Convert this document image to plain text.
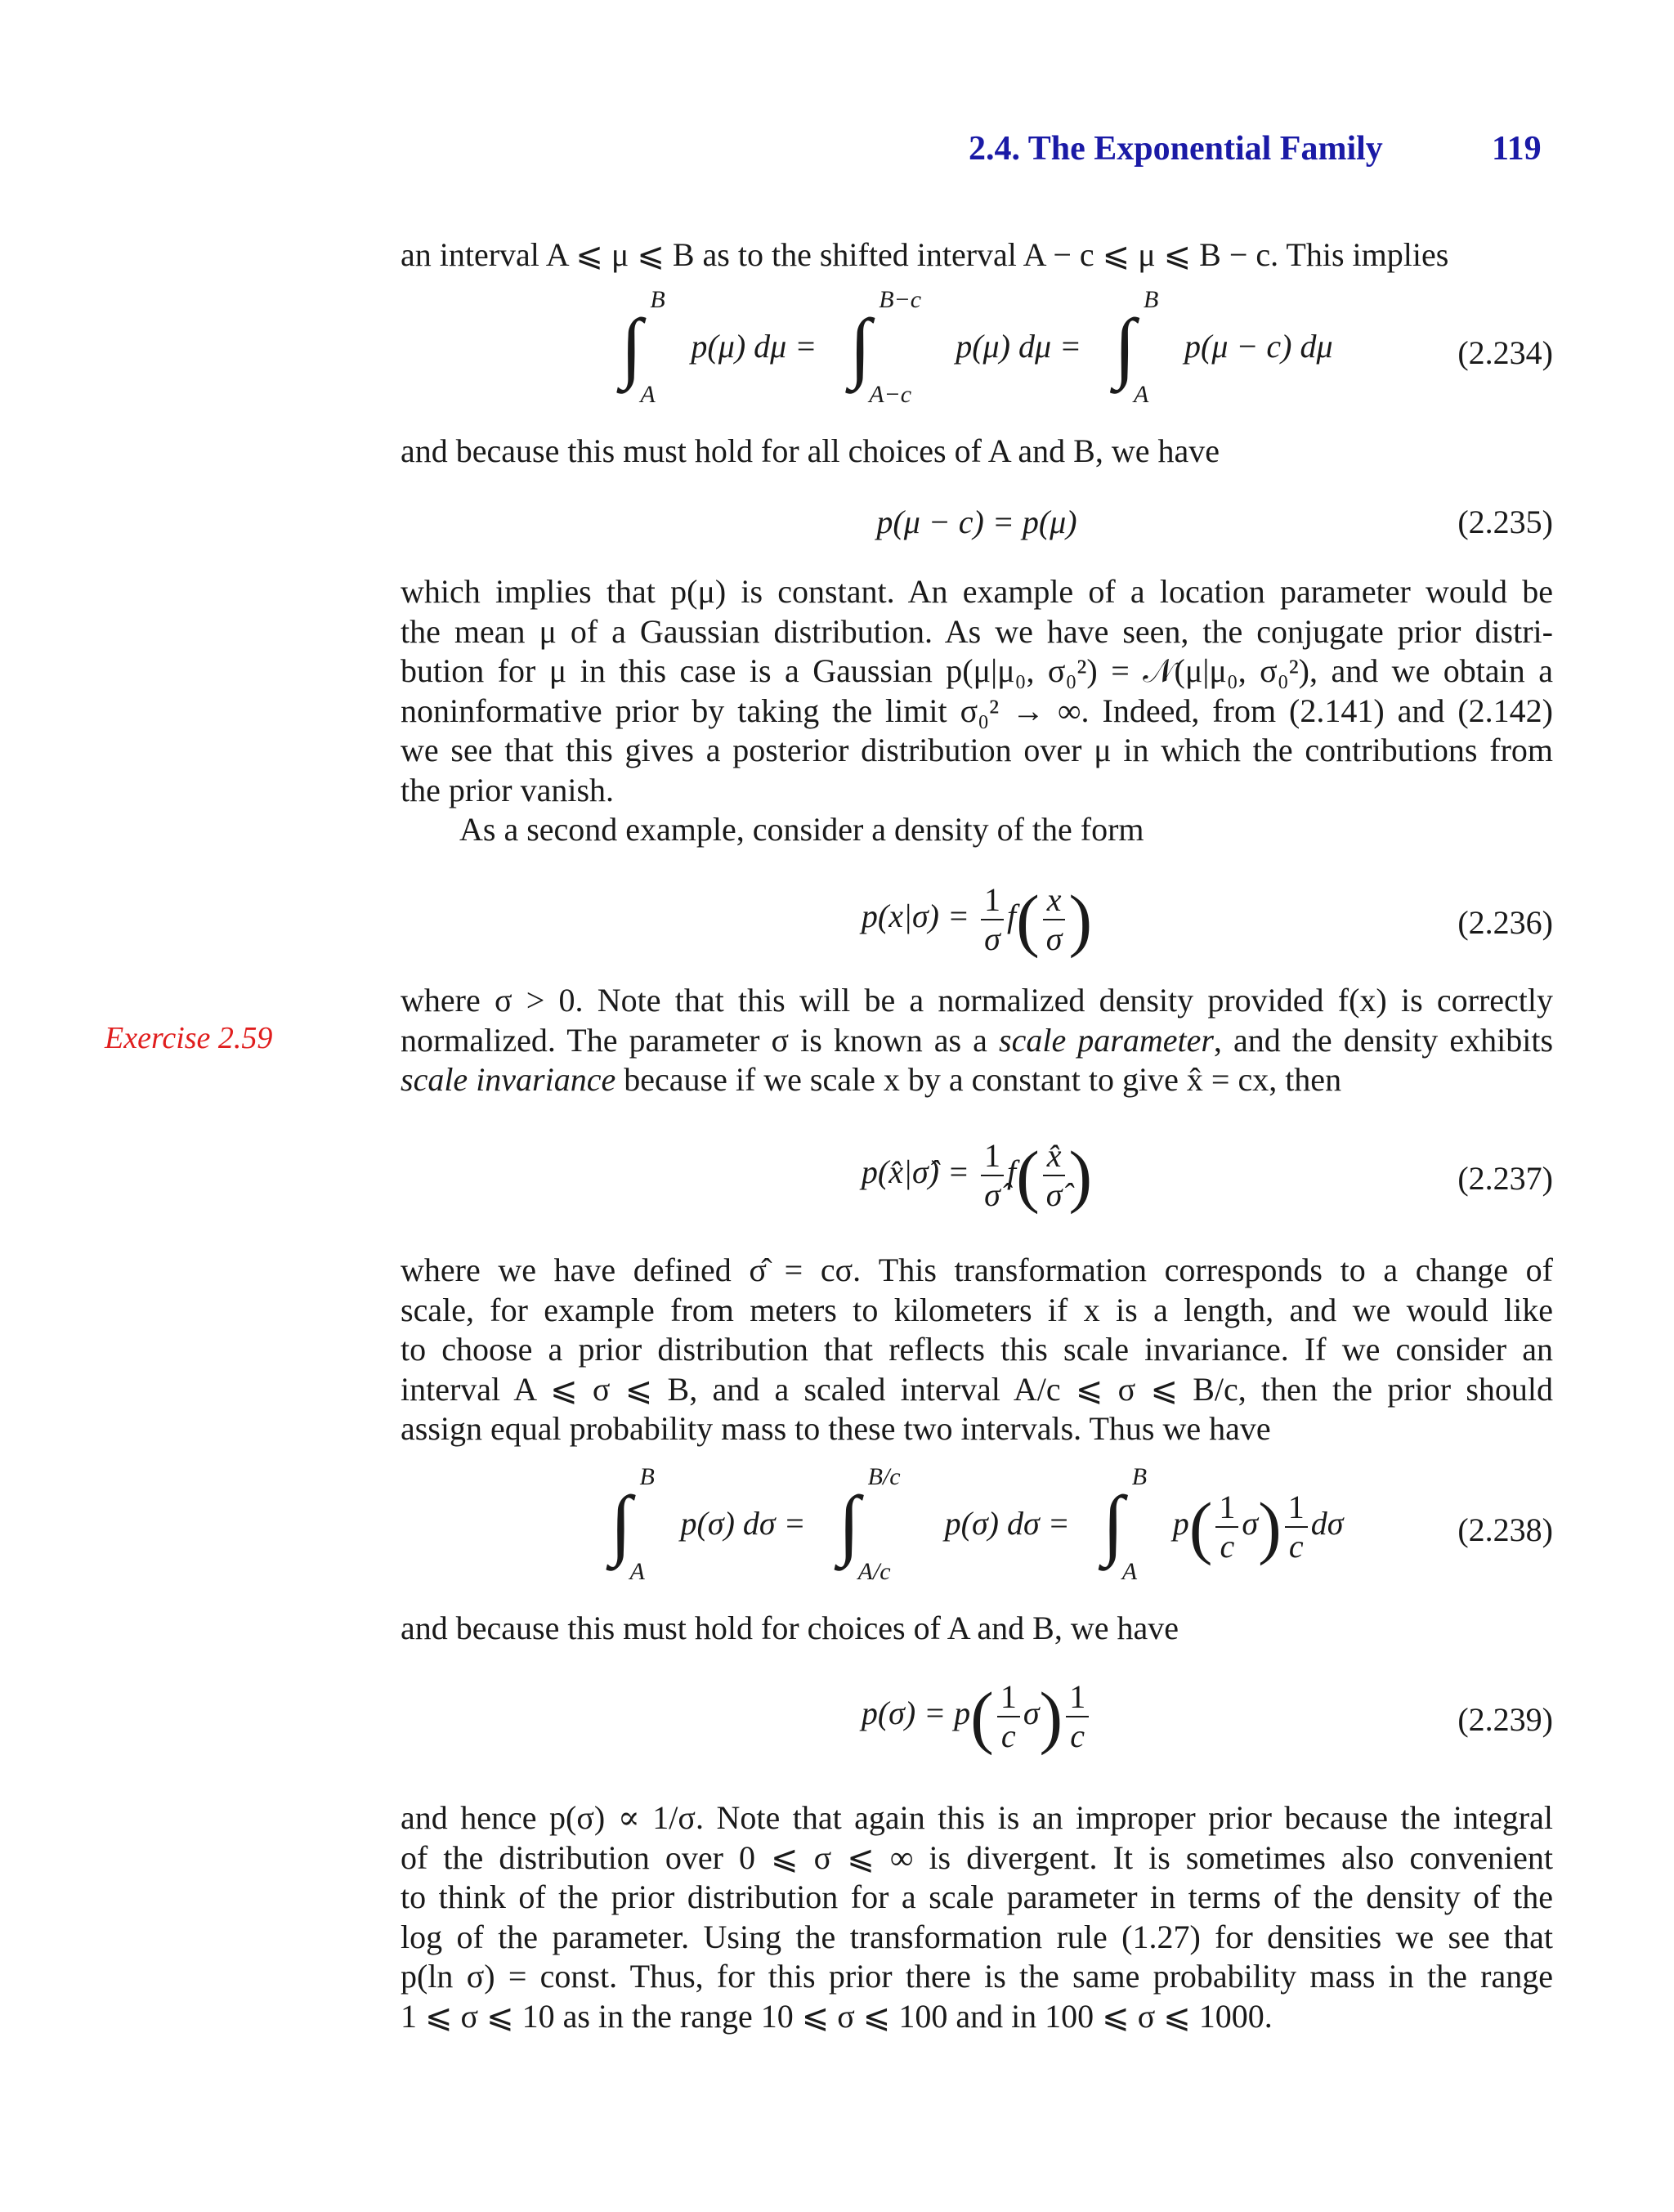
2.4. The Exponential Family	119
Exercise 2.59
an interval A ⩽ μ ⩽ B as to the shifted interval A − c ⩽ μ ⩽ B − c. This implies
∫
B
A
p(μ) dμ = ∫
B−c
A−c
p(μ) dμ = ∫
B
A
p(μ − c) dμ	(2.234)
and because this must hold for all choices of A and B, we have
p(μ − c) = p(μ)	(2.235)
which implies that p(μ) is constant. An example of a location parameter would be
the mean μ of a Gaussian distribution. As we have seen, the conjugate prior distri-
bution for μ in this case is a Gaussian p(μ|μ₀, σ₀²) = 𝒩(μ|μ₀, σ₀²), and we obtain a
noninformative prior by taking the limit σ₀² → ∞. Indeed, from (2.141) and (2.142)
we see that this gives a posterior distribution over μ in which the contributions from
the prior vanish.
As a second example, consider a density of the form
$p(x|\sigma) = \frac{1}{\sigma} f( \frac{x}{\sigma}$ )	(2.236)
where σ > 0. Note that this will be a normalized density provided f(x) is correctly
normalized. The parameter σ is known as a scale parameter, and the density exhibits
scale invariance because if we scale x by a constant to give x̂ = cx, then
p(x̂|σ̂) = $\frac{1}{\sigmâ} f( \frac{x̂}{\sigmâ}$ )	(2.237)
where we have defined σ̂ = cσ. This transformation corresponds to a change of
scale, for example from meters to kilometers if x is a length, and we would like
to choose a prior distribution that reflects this scale invariance. If we consider an
interval A ⩽ σ ⩽ B, and a scaled interval A/c ⩽ σ ⩽ B/c, then the prior should
assign equal probability mass to these two intervals. Thus we have
∫
B
A
p(σ) dσ = ∫
B/c
A/c
p(σ) dσ = ∫
B
A
$p( \frac{1}{c} \sigma) \frac{1}{c}$ dσ	(2.238)
and because this must hold for choices of A and B, we have
$p(\sigma) = p( \frac{1}{c} \sigma) \frac{1}{c}$	(2.239)
and hence p(σ) ∝ 1/σ. Note that again this is an improper prior because the integral
of the distribution over 0 ⩽ σ ⩽ ∞ is divergent. It is sometimes also convenient
to think of the prior distribution for a scale parameter in terms of the density of the
log of the parameter. Using the transformation rule (1.27) for densities we see that
p(ln σ) = const. Thus, for this prior there is the same probability mass in the range
1 ⩽ σ ⩽ 10 as in the range 10 ⩽ σ ⩽ 100 and in 100 ⩽ σ ⩽ 1000.
